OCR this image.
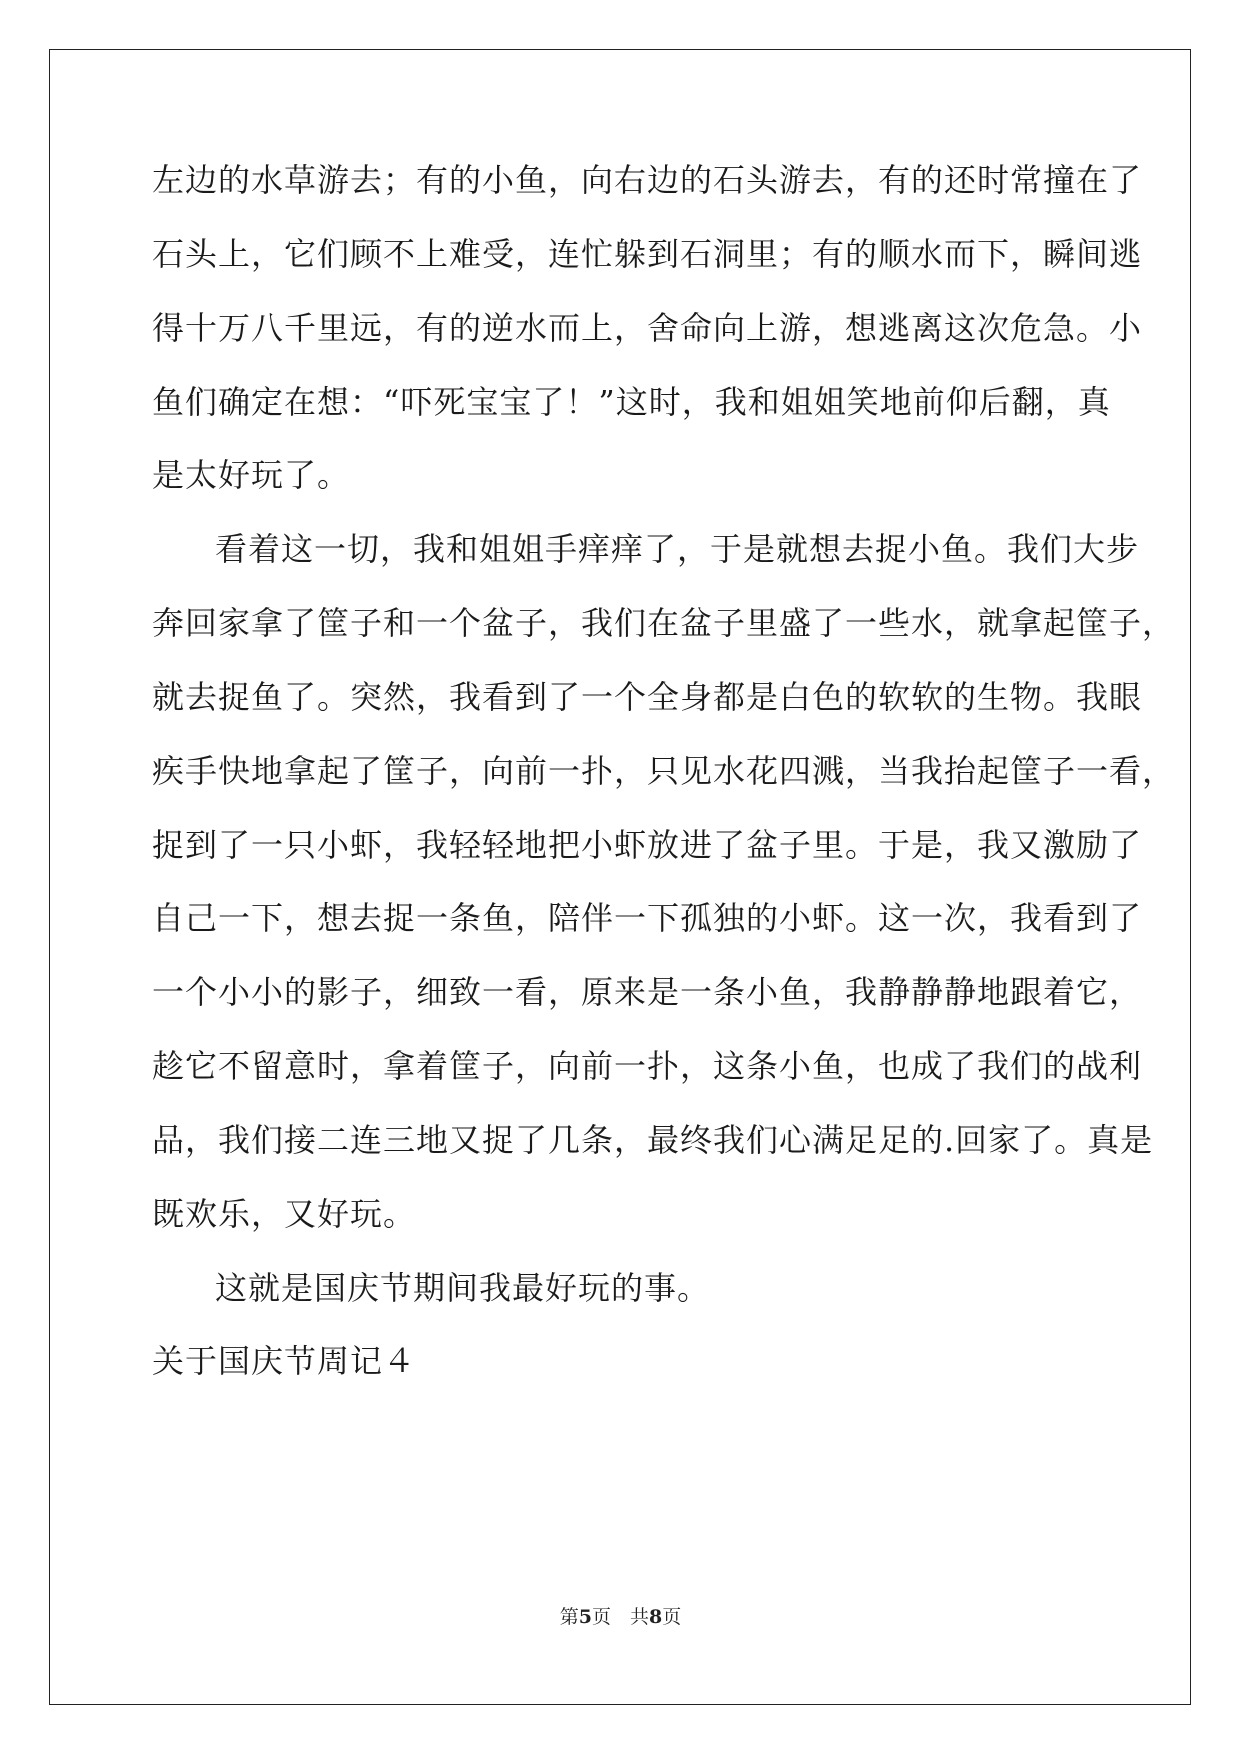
左边的水草游去；有的小鱼，向右边的石头游去，有的还时常撞在了
石头上，它们顾不上难受，连忙躲到石洞里；有的顺水而下，瞬间逃
得十万八千里远，有的逆水而上，舍命向上游，想逃离这次危急。小
鱼们确定在想：“吓死宝宝了！”这时，我和姐姐笑地前仰后翻，真
是太好玩了。
看着这一切，我和姐姐手痒痒了，于是就想去捉小鱼。我们大步
奔回家拿了筐子和一个盆子，我们在盆子里盛了一些水，就拿起筐子，
就去捉鱼了。突然，我看到了一个全身都是白色的软软的生物。我眼
疾手快地拿起了筐子，向前一扑，只见水花四溅，当我抬起筐子一看，
捉到了一只小虾，我轻轻地把小虾放进了盆子里。于是，我又激励了
自己一下，想去捉一条鱼，陪伴一下孤独的小虾。这一次，我看到了
一个小小的影子，细致一看，原来是一条小鱼，我静静静地跟着它，
趁它不留意时，拿着筐子，向前一扑，这条小鱼，也成了我们的战利
品，我们接二连三地又捉了几条，最终我们心满足足的.回家了。真是
既欢乐，又好玩。
这就是国庆节期间我最好玩的事。
关于国庆节周记４
第5页　共8页
